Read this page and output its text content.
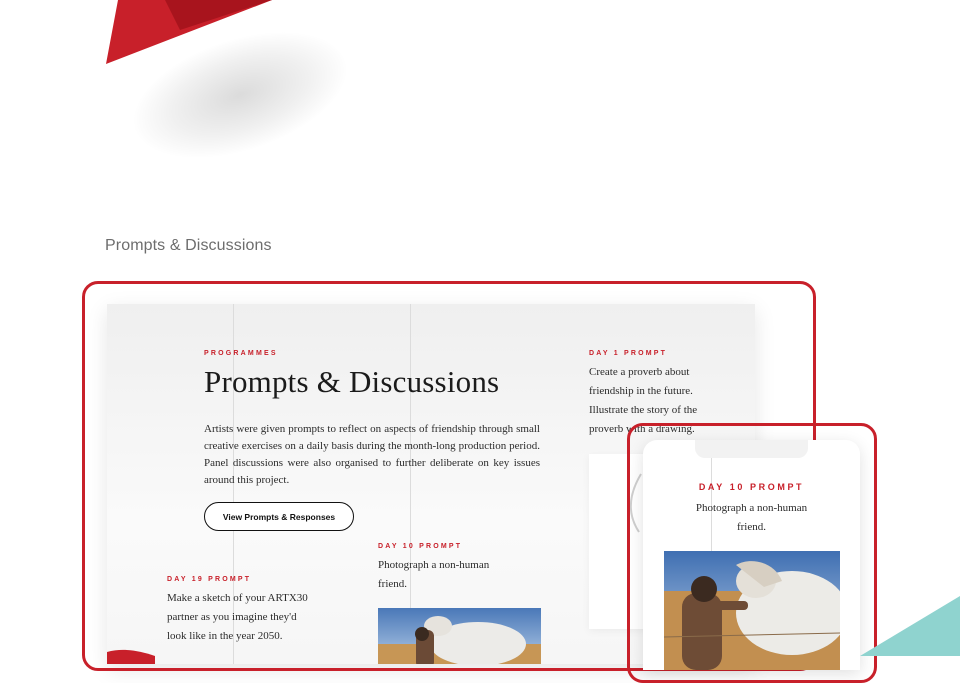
Prompts & Discussions
PROGRAMMES
Prompts & Discussions
Artists were given prompts to reflect on aspects of friendship through small creative exercises on a daily basis during the month-long production period. Panel discussions were also organised to further deliberate on key issues around this project.
View Prompts & Responses
DAY 1 PROMPT
Create a proverb about friendship in the future. Illustrate the story of the proverb with a drawing.
DAY 10 PROMPT
Photograph a non-human friend.
DAY 19 PROMPT
Make a sketch of your ARTX30 partner as you imagine they'd look like in the year 2050.
DAY 10 PROMPT
Photograph a non-human friend.
